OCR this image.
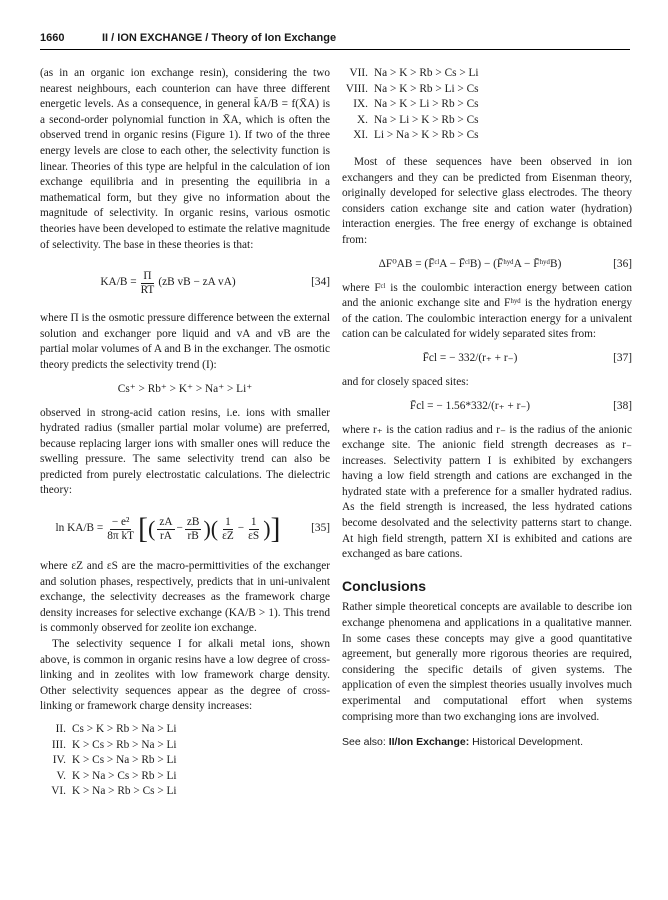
1660	II / ION EXCHANGE / Theory of Ion Exchange

(as in an organic ion exchange resin), considering the two nearest neighbours, each counterion can have three different energetic levels. As a consequence, in general k̄A/B = f(X̄A) is a second-order polynomial function in X̄A, which is often the observed trend in organic resins (Figure 1). If two of the three energy levels are close to each other, the selectivity function is linear. Theories of this type are helpful in the calculation of ion exchange equilibria and in presenting the equilibria in a mathematical form, but they give no information about the magnitude of selectivity. In organic resins, various osmotic theories have been developed to estimate the relative magnitude of selectivity. The base in these theories is that:

$KA/B = \frac{\Pi}{RT} (zB$ vB − zA vA)	[34]

where Π is the osmotic pressure difference between the external solution and exchanger pore liquid and vA and vB are the partial molar volumes of A and B in the exchanger. The osmotic theory predicts the selectivity trend (I):

Cs⁺ > Rb⁺ > K⁺ > Na⁺ > Li⁺

observed in strong-acid cation resins, i.e. ions with smaller hydrated radius (smaller partial molar volume) are preferred, because replacing larger ions with smaller ones will reduce the swelling pressure. The same selectivity trend can also be predicted from purely electrostatic calculations. The dielectric theory:

$\ln KA/B = \frac{\text{− e²}}{\text{8π kT}}$ [ ( $\frac{zA}{rA} - \frac{zB}{rB}$ ) ( $\frac{1}{\varepsilon Z} - \frac{1}{\varepsilon S}$ ) ]	[35]

where εZ and εS are the macro-permittivities of the exchanger and solution phases, respectively, predicts that in uni-univalent exchange, the selectivity decreases as the framework charge density increases for selective exchange (KA/B > 1). This trend is commonly observed for zeolite ion exchange.

The selectivity sequence I for alkali metal ions, shown above, is common in organic resins have a low degree of cross-linking and in zeolites with low framework charge density. Other selectivity sequences appear as the degree of cross-linking or framework charge density increases:

II. Cs > K > Rb > Na > Li
III. K > Cs > Rb > Na > Li
IV. K > Cs > Na > Rb > Li
V. K > Na > Cs > Rb > Li
VI. K > Na > Rb > Cs > Li
VII. Na > K > Rb > Cs > Li
VIII. Na > K > Rb > Li > Cs
IX. Na > K > Li > Rb > Cs
X. Na > Li > K > Rb > Cs
XI. Li > Na > K > Rb > Cs

Most of these sequences have been observed in ion exchangers and they can be predicted from Eisenman theory, originally developed for selective glass electrodes. The theory considers cation exchange site and cation water (hydration) interaction energies. The free energy of exchange is obtained from:

ΔF⁰AB = (F̄ᶜˡA − F̄ᶜˡB) − (F̄ʰʸᵈA − F̄ʰʸᵈB)	[36]

where Fᶜˡ is the coulombic interaction energy between cation and the anionic exchange site and Fʰʸᵈ is the hydration energy of the cation. The coulombic interaction energy for a univalent cation can be calculated for widely separated sites from:

F̄cl = − 332/(r₊ + r₋)	[37]

and for closely spaced sites:

F̄cl = − 1.56*332/(r₊ + r₋)	[38]

where r₊ is the cation radius and r₋ is the radius of the anionic exchange site. The anionic field strength decreases as r₋ increases. Selectivity pattern I is exhibited by exchangers having a low field strength and cations are exchanged in the hydrated state with a preference for a smaller hydrated radius. As the field strength is increased, the less hydrated cations become desolvated and the selectivity patterns start to change. At high field strength, pattern XI is exhibited and cations are exchanged as bare cations.

Conclusions

Rather simple theoretical concepts are available to describe ion exchange phenomena and applications in a qualitative manner. In some cases these concepts may give a good quantitative agreement, but generally more rigorous theories are required, considering the specific details of given systems. The application of even the simplest theories usually involves much experimental and computational effort when systems comprising more than two exchanging ions are involved.

See also: II/Ion Exchange: Historical Development.
